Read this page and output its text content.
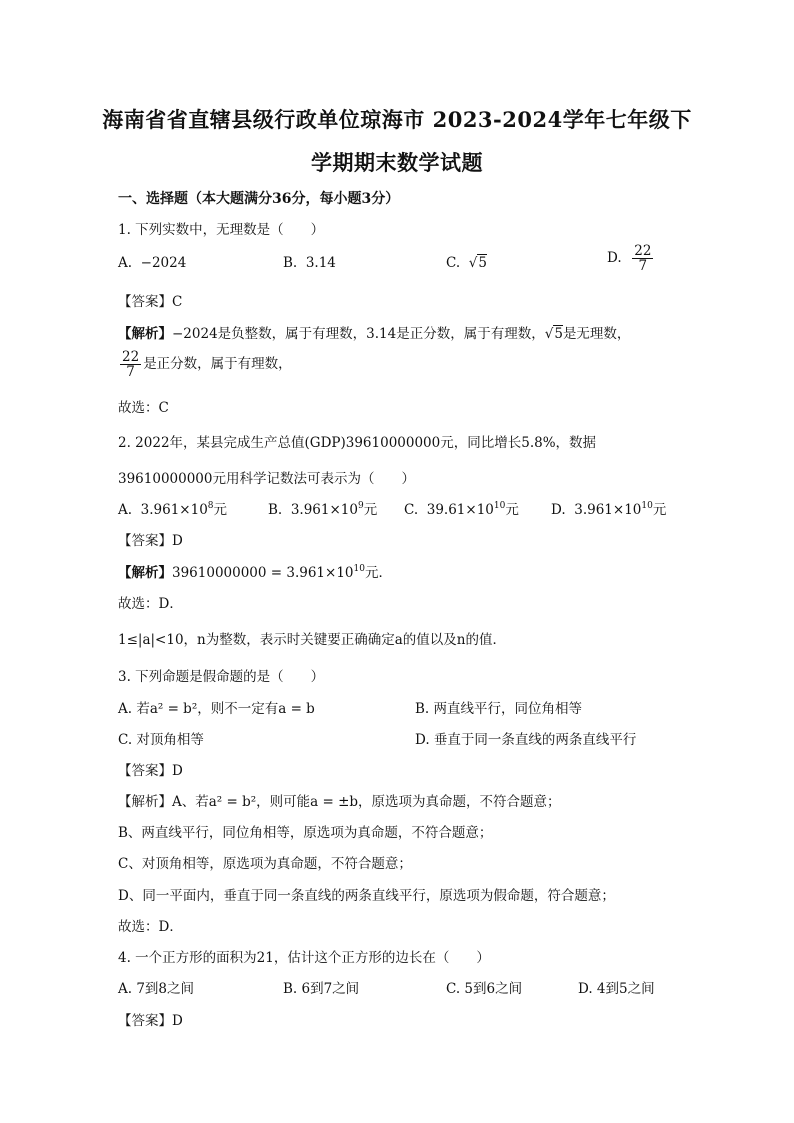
海南省省直辖县级行政单位琼海市 2023-2024学年七年级下
学期期末数学试题
一、选择题（本大题满分36分，每小题3分）
1. 下列实数中，无理数是（　　）
A. −2024	B. 3.14	C. √5	D. $\frac{22}{7}$
【答案】C
【解析】−2024是负整数，属于有理数，3.14是正分数，属于有理数，√5是无理数，
$\frac{22}{7}$ 是正分数，属于有理数，
故选：C
2. 2022年，某县完成生产总值(GDP)39610000000元，同比增长5.8%，数据
39610000000元用科学记数法可表示为（　　）
A. $3.961\times 10^8$元	B. $3.961\times 10^9$元 C. $39.61\times 10^{10}$元 D. $3.961\times 10^{10}$元
【答案】D
【解析】$39610000000 = 3.961\times 10^{10}$元．
故选：D．
1≤|a|<10，n为整数，表示时关键要正确确定a的值以及n的值．
3. 下列命题是假命题的是（　　）
A. 若a² = b²，则不一定有a = b	B. 两直线平行，同位角相等
C. 对顶角相等	D. 垂直于同一条直线的两条直线平行
【答案】D
【解析】A、若a² = b²，则可能a = ±b，原选项为真命题，不符合题意；
B、两直线平行，同位角相等，原选项为真命题，不符合题意；
C、对顶角相等，原选项为真命题，不符合题意；
D、同一平面内，垂直于同一条直线的两条直线平行，原选项为假命题，符合题意；
故选：D．
4. 一个正方形的面积为21，估计这个正方形的边长在（　　）
A. 7到8之间	B. 6到7之间	C. 5到6之间	D. 4到5之间
【答案】D
